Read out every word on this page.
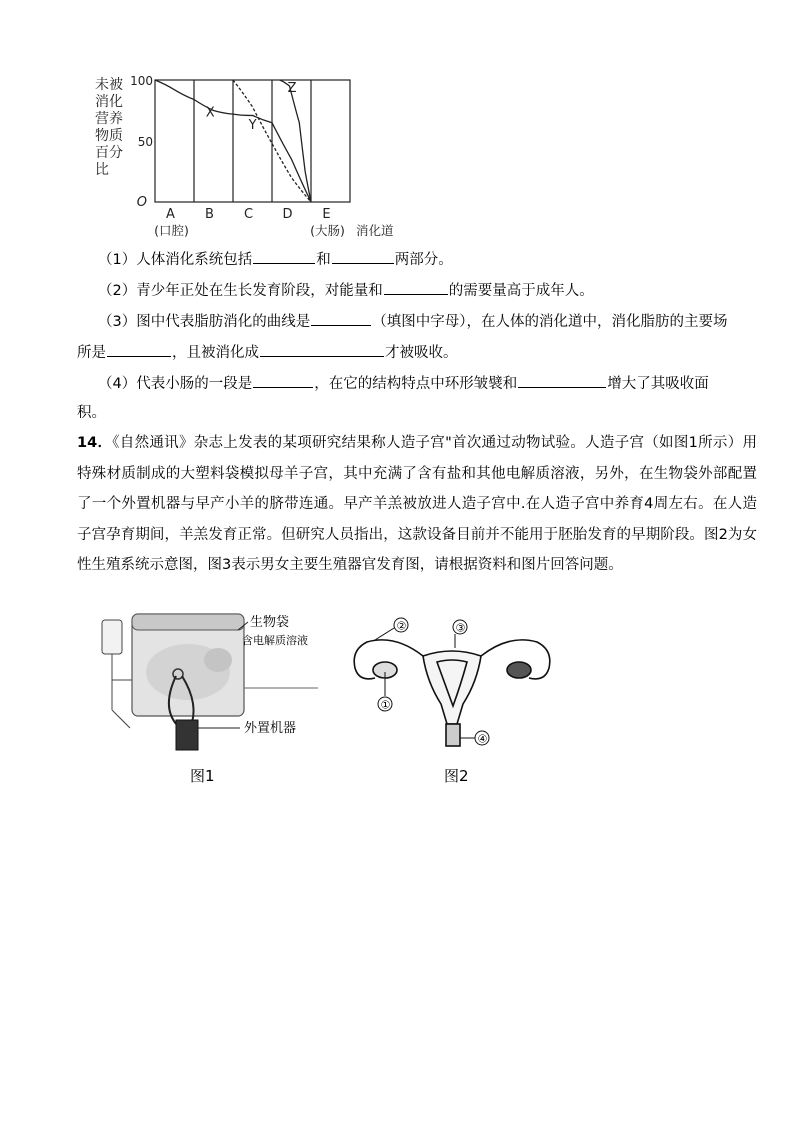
未被
消化
营养
物质
百分
比
X
Y
Z
100
50
O
A
(口腔)
B C D E
(大肠) 消化道
（1）人体消化系统包括	和	两部分。
（2）青少年正处在生长发育阶段，对能量和	的需要量高于成年人。
（3）图中代表脂肪消化的曲线是	（填图中字母），在人体的消化道中，消化脂肪的主要场
所是	，且被消化成	才被吸收。
（4）代表小肠的一段是	，在它的结构特点中环形皱襞和	增大了其吸收面
积。
14．《自然通讯》杂志上发表的某项研究结果称人造子宫"首次通过动物试验。人造子宫（如图1所示）用特殊材质制成的大塑料袋模拟母羊子宫，其中充满了含有盐和其他电解质溶液，另外，在生物袋外部配置了一个外置机器与早产小羊的脐带连通。早产羊羔被放进人造子宫中.在人造子宫中养育4周左右。在人造子宫孕育期间，羊羔发育正常。但研究人员指出，这款设备目前并不能用于胚胎发育的早期阶段。图2为女性生殖系统示意图，图3表示男女主要生殖器官发育图，请根据资料和图片回答问题。
生物袋
含电解质溶液
外置机器
图1
①
②	③
④
图2
